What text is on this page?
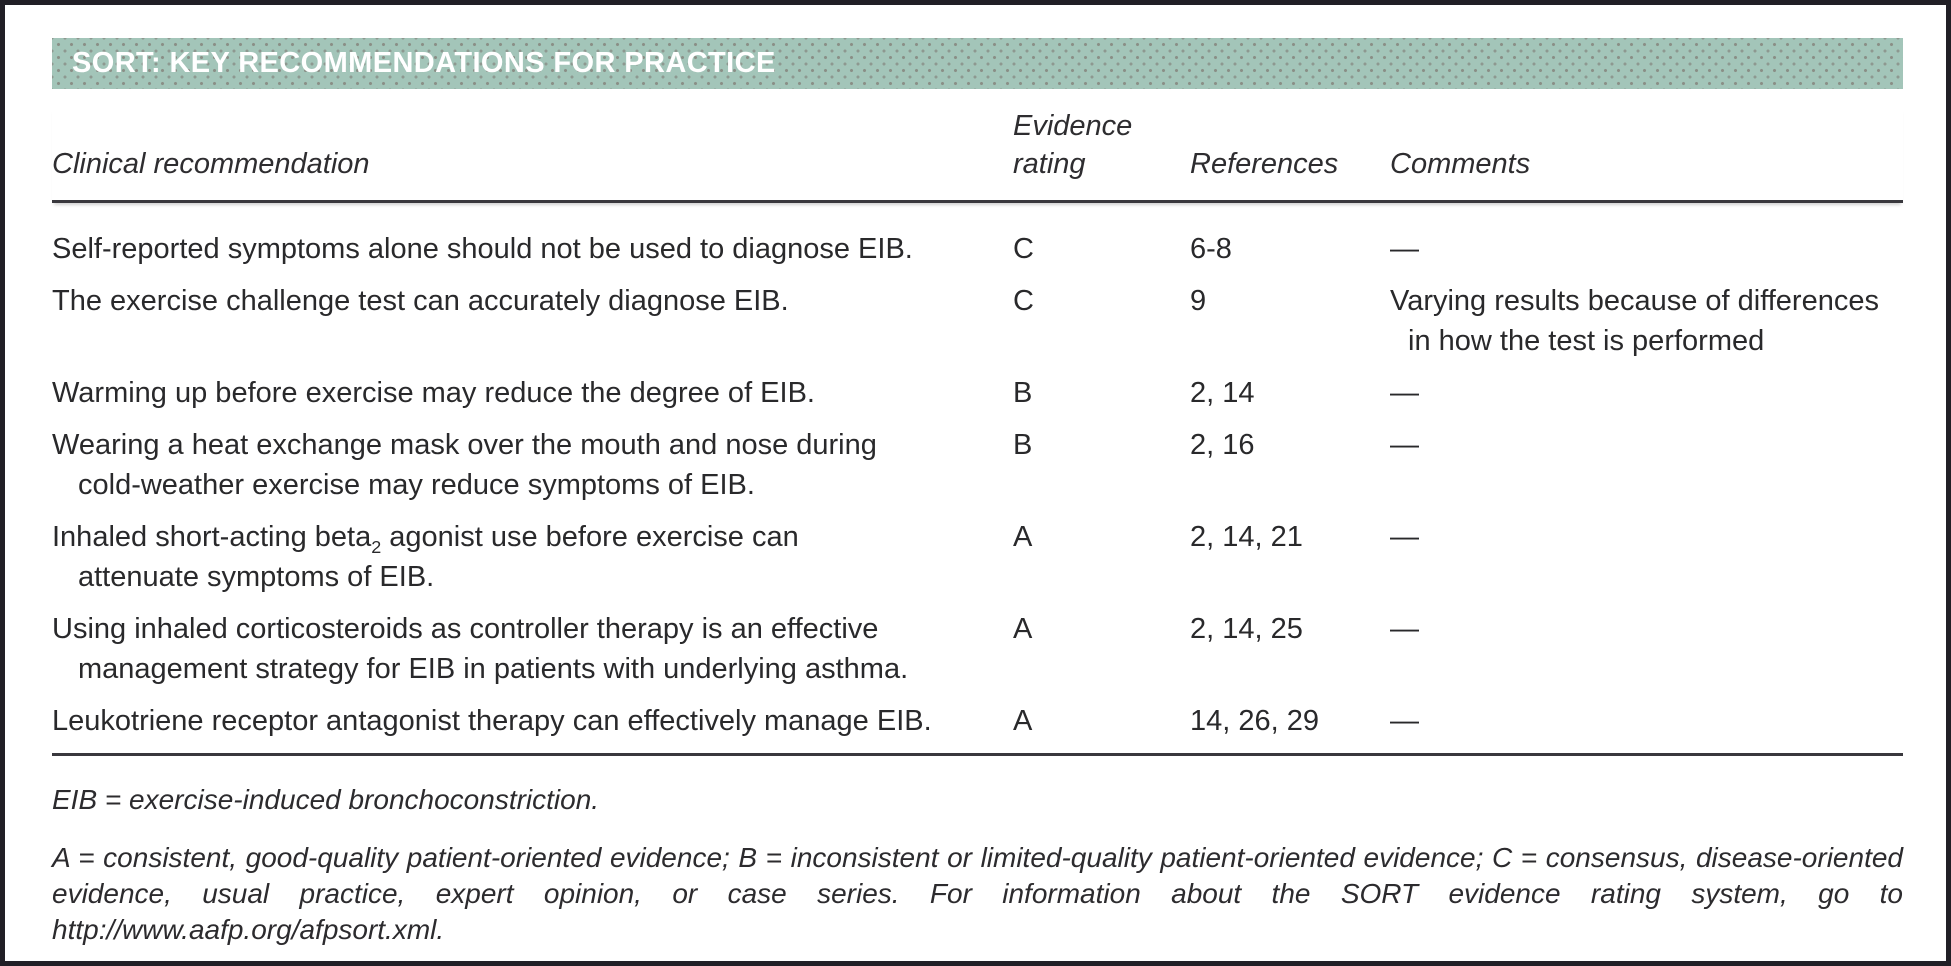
SORT: KEY RECOMMENDATIONS FOR PRACTICE
Clinical recommendation
Evidence rating	References	Comments
Self-reported symptoms alone should not be used to diagnose EIB.	C	6-8	—
The exercise challenge test can accurately diagnose EIB.	C	9	Varying results because of differences
in how the test is performed
Warming up before exercise may reduce the degree of EIB.	B	2, 14	—
Wearing a heat exchange mask over the mouth and nose during
cold-weather exercise may reduce symptoms of EIB.
B	2, 16	—
Inhaled short-acting beta$_2$ agonist use before exercise can
attenuate symptoms of EIB.
A	2, 14, 21	—
Using inhaled corticosteroids as controller therapy is an effective
management strategy for EIB in patients with underlying asthma.
A	2, 14, 25	—
Leukotriene receptor antagonist therapy can effectively manage EIB.	A	14, 26, 29	—

EIB = exercise-induced bronchoconstriction.

A = consistent, good-quality patient-oriented evidence; B = inconsistent or limited-quality patient-oriented evidence; C = consensus, disease-oriented evidence, usual practice, expert opinion, or case series. For information about the SORT evidence rating system, go to http://www.aafp.org/afpsort.xml.
